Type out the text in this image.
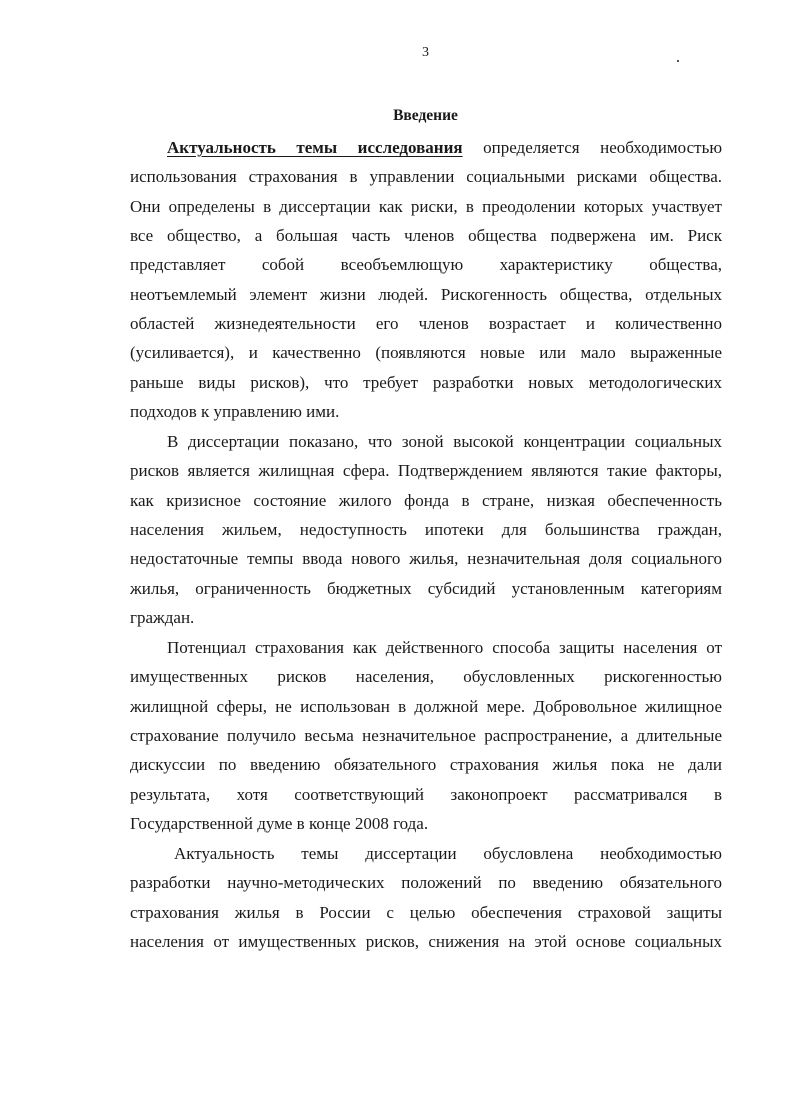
3
Введение
Актуальность темы исследования определяется необходимостью
использования страхования в управлении социальными рисками общества.
Они определены в диссертации как риски, в преодолении которых участвует
все общество, а большая часть членов общества подвержена им. Риск
представляет собой всеобъемлющую характеристику общества,
неотъемлемый элемент жизни людей. Рискогенность общества, отдельных
областей жизнедеятельности его членов возрастает и количественно
(усиливается), и качественно (появляются новые или мало выраженные
раньше виды рисков), что требует разработки новых методологических
подходов к управлению ими.
В диссертации показано, что зоной высокой концентрации социальных
рисков является жилищная сфера. Подтверждением являются такие факторы,
как кризисное состояние жилого фонда в стране, низкая обеспеченность
населения жильем, недоступность ипотеки для большинства граждан,
недостаточные темпы ввода нового жилья, незначительная доля социального
жилья, ограниченность бюджетных субсидий установленным категориям
граждан.
Потенциал страхования как действенного способа защиты населения от
имущественных рисков населения, обусловленных рискогенностью
жилищной сферы, не использован в должной мере. Добровольное жилищное
страхование получило весьма незначительное распространение, а длительные
дискуссии по введению обязательного страхования жилья пока не дали
результата, хотя соответствующий законопроект рассматривался в
Государственной думе в конце 2008 года.
Актуальность темы диссертации обусловлена необходимостью
разработки научно-методических положений по введению обязательного
страхования жилья в России с целью обеспечения страховой защиты
населения от имущественных рисков, снижения на этой основе социальных
